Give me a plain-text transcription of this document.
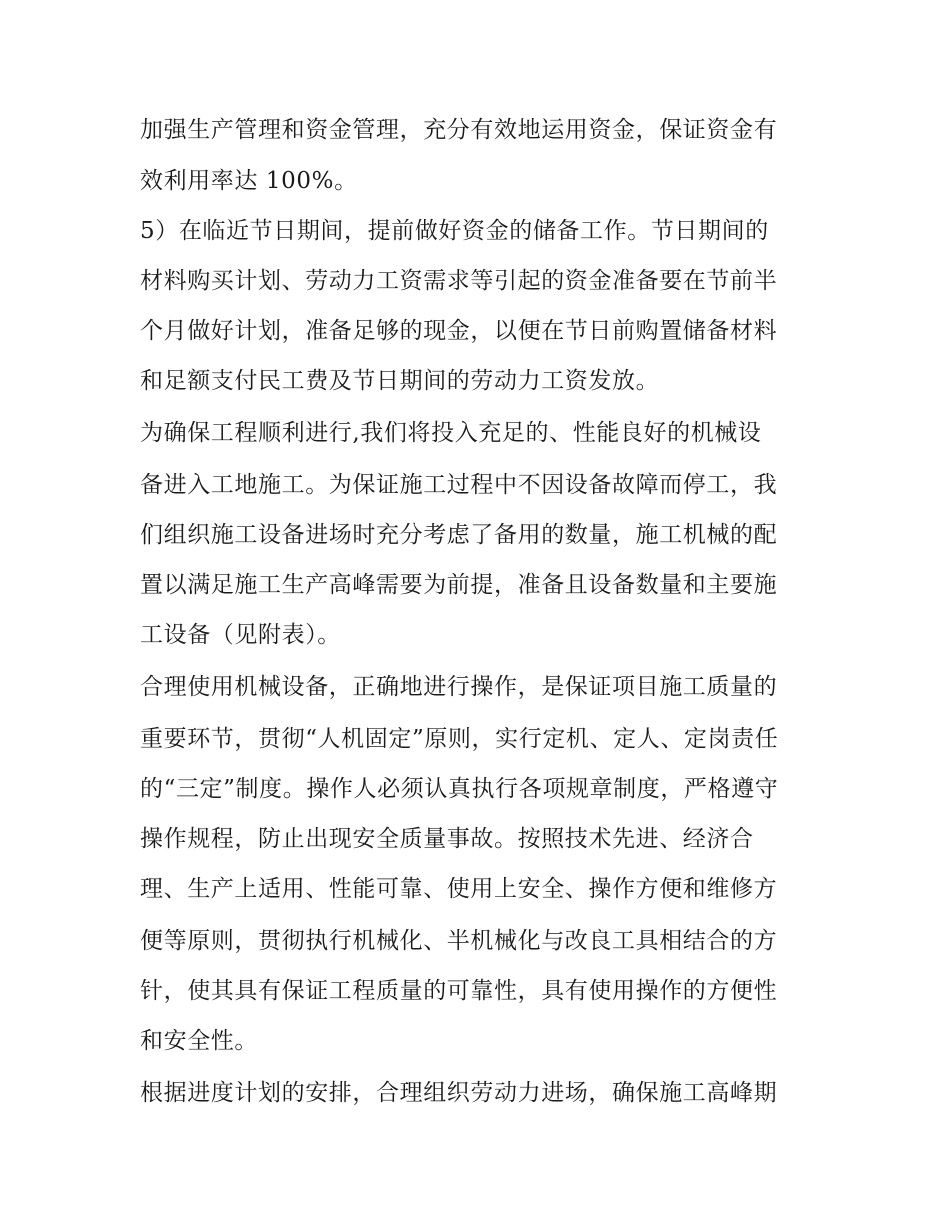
加强生产管理和资金管理，充分有效地运用资金，保证资金有
效利用率达 100%。
5）在临近节日期间，提前做好资金的储备工作。节日期间的
材料购买计划、劳动力工资需求等引起的资金准备要在节前半
个月做好计划，准备足够的现金，以便在节日前购置储备材料
和足额支付民工费及节日期间的劳动力工资发放。
为确保工程顺利进行,我们将投入充足的、性能良好的机械设
备进入工地施工。为保证施工过程中不因设备故障而停工，我
们组织施工设备进场时充分考虑了备用的数量，施工机械的配
置以满足施工生产高峰需要为前提，准备且设备数量和主要施
工设备（见附表）。
合理使用机械设备，正确地进行操作，是保证项目施工质量的
重要环节，贯彻“人机固定”原则，实行定机、定人、定岗责任
的“三定”制度。操作人必须认真执行各项规章制度，严格遵守
操作规程，防止出现安全质量事故。按照技术先进、经济合
理、生产上适用、性能可靠、使用上安全、操作方便和维修方
便等原则，贯彻执行机械化、半机械化与改良工具相结合的方
针，使其具有保证工程质量的可靠性，具有使用操作的方便性
和安全性。
根据进度计划的安排，合理组织劳动力进场，确保施工高峰期
